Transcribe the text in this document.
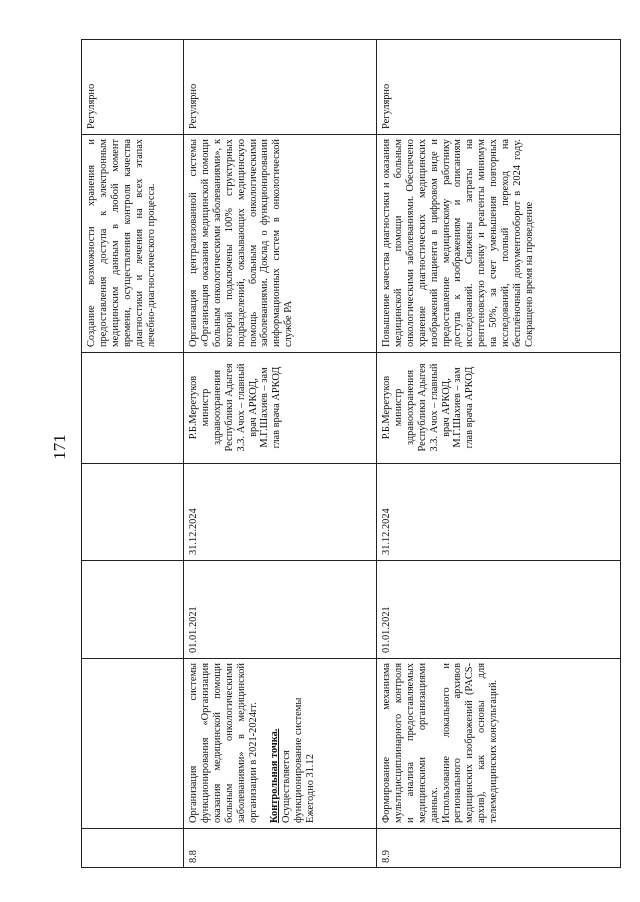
171
Регулярно
Создание возможности хранения и предоставления доступа к электронным медицинским данным в любой момент времени, осуществления контроля качества диагностики и лечения на всех этапах лечебно-диагностического процесса.
8.8
Организация системы функционирования «Организация оказания медицинской помощи больным онкологическими заболеваниями» в медицинской организации в 2021-2024гг. Контрольная точка. Осуществляется функционирование системы Ежегодно 31.12
01.01.2021
31.12.2024
Р.Б.Меретуков министр здравоохранения Республики Адыгея З.З. Ачох – главный врач АРКОД, М.Г.Шахиев – зам глав врача АРКОД
Организация централизованной системы «Организация оказания медицинской помощи больным онкологическими заболеваниями», к которой подключены 100% структурных подразделений, оказывающих медицинскую помощь больным онкологическими заболеваниями. Доклад о функционировании информационных систем в онкологической службе РА
Регулярно
8.9
Формирование механизма мультидисциплинарного контроля и анализа предоставляемых медицинскими организациями данных. Использование локального и регионального архивов медицинских изображений (PACS-архив), как основы для телемедицинских консультаций.
01.01.2021
31.12.2024
Р.Б.Меретуков министр здравоохранения Республики Адыгея З.З. Ачох – главный врач АРКОД, М.Г.Шахиев – зам глав врача АРКОД
Повышение качества диагностики и оказания медицинской помощи больным онкологическими заболеваниями. Обеспечено хранение диагностических медицинских изображений пациента в цифровом виде и предоставление медицинскому работнику доступа к изображениям и описаниям исследований. Снижены затраты на рентгеновскую пленку и реагенты минимум на 50%, за счет уменьшения повторных исследований, полный переход на бесплёночный документооборот в 2024 году. Сокращено время на проведение
Регулярно
